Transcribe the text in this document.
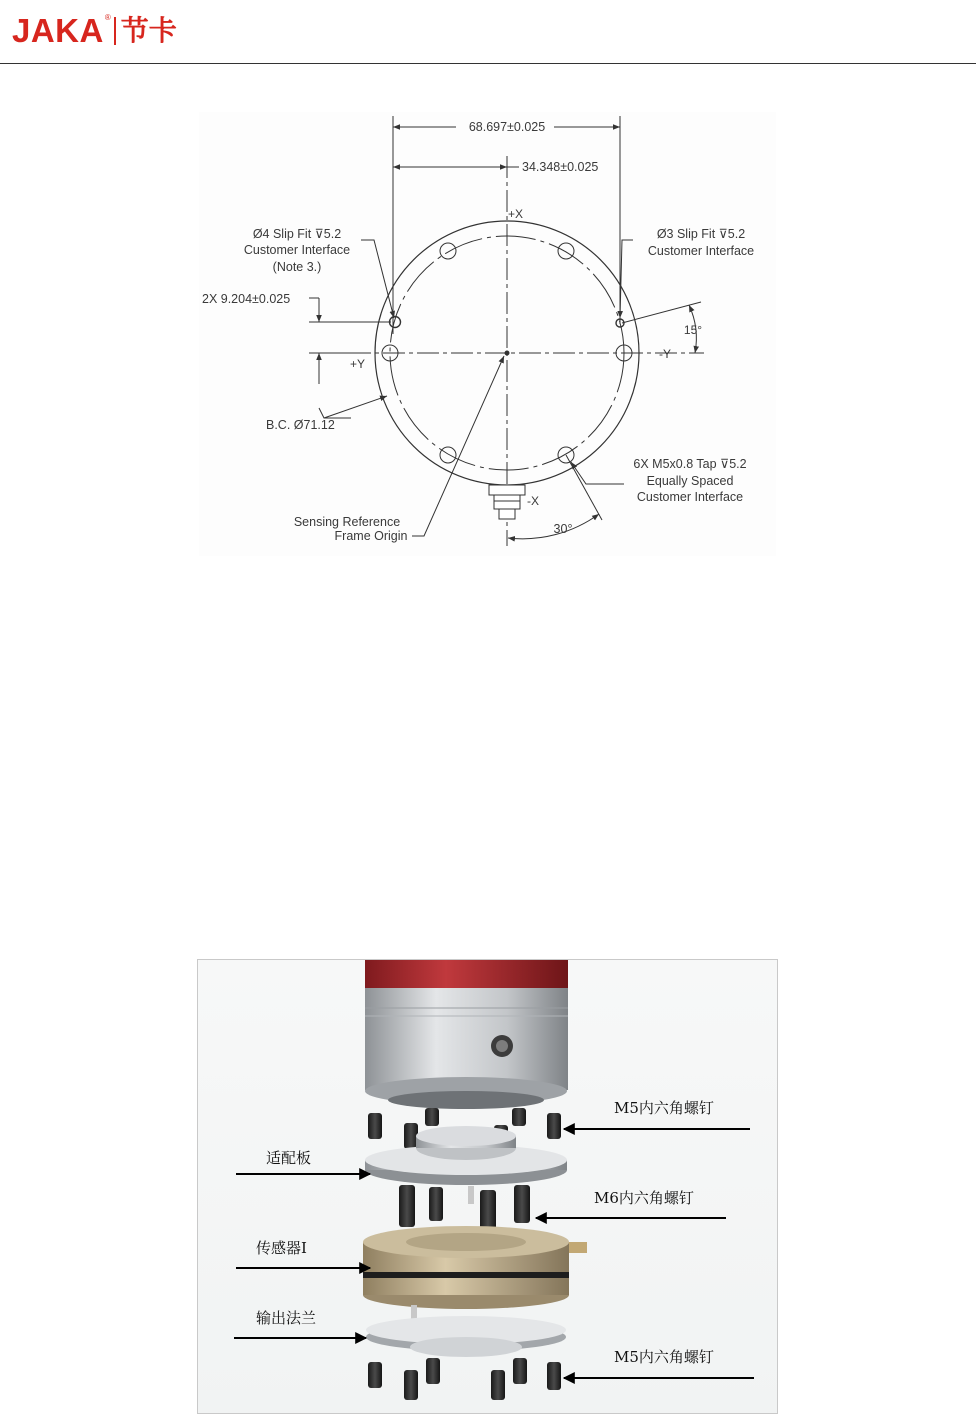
JAKA ® 节卡
68.697±0.025
34.348±0.025
+X
-X
+Y
-Y
Ø4 Slip Fit ⊽5.2
Customer Interface
(Note 3.)
Ø3 Slip Fit ⊽5.2
Customer Interface
2X 9.204±0.025
15°
B.C. Ø71.12
6X M5x0.8 Tap ⊽5.2
Equally Spaced
Customer Interface
Sensing Reference
Frame Origin	30°
M5内六角螺钉
适配板
M6内六角螺钉
传感器I
输出法兰
M5内六角螺钉
